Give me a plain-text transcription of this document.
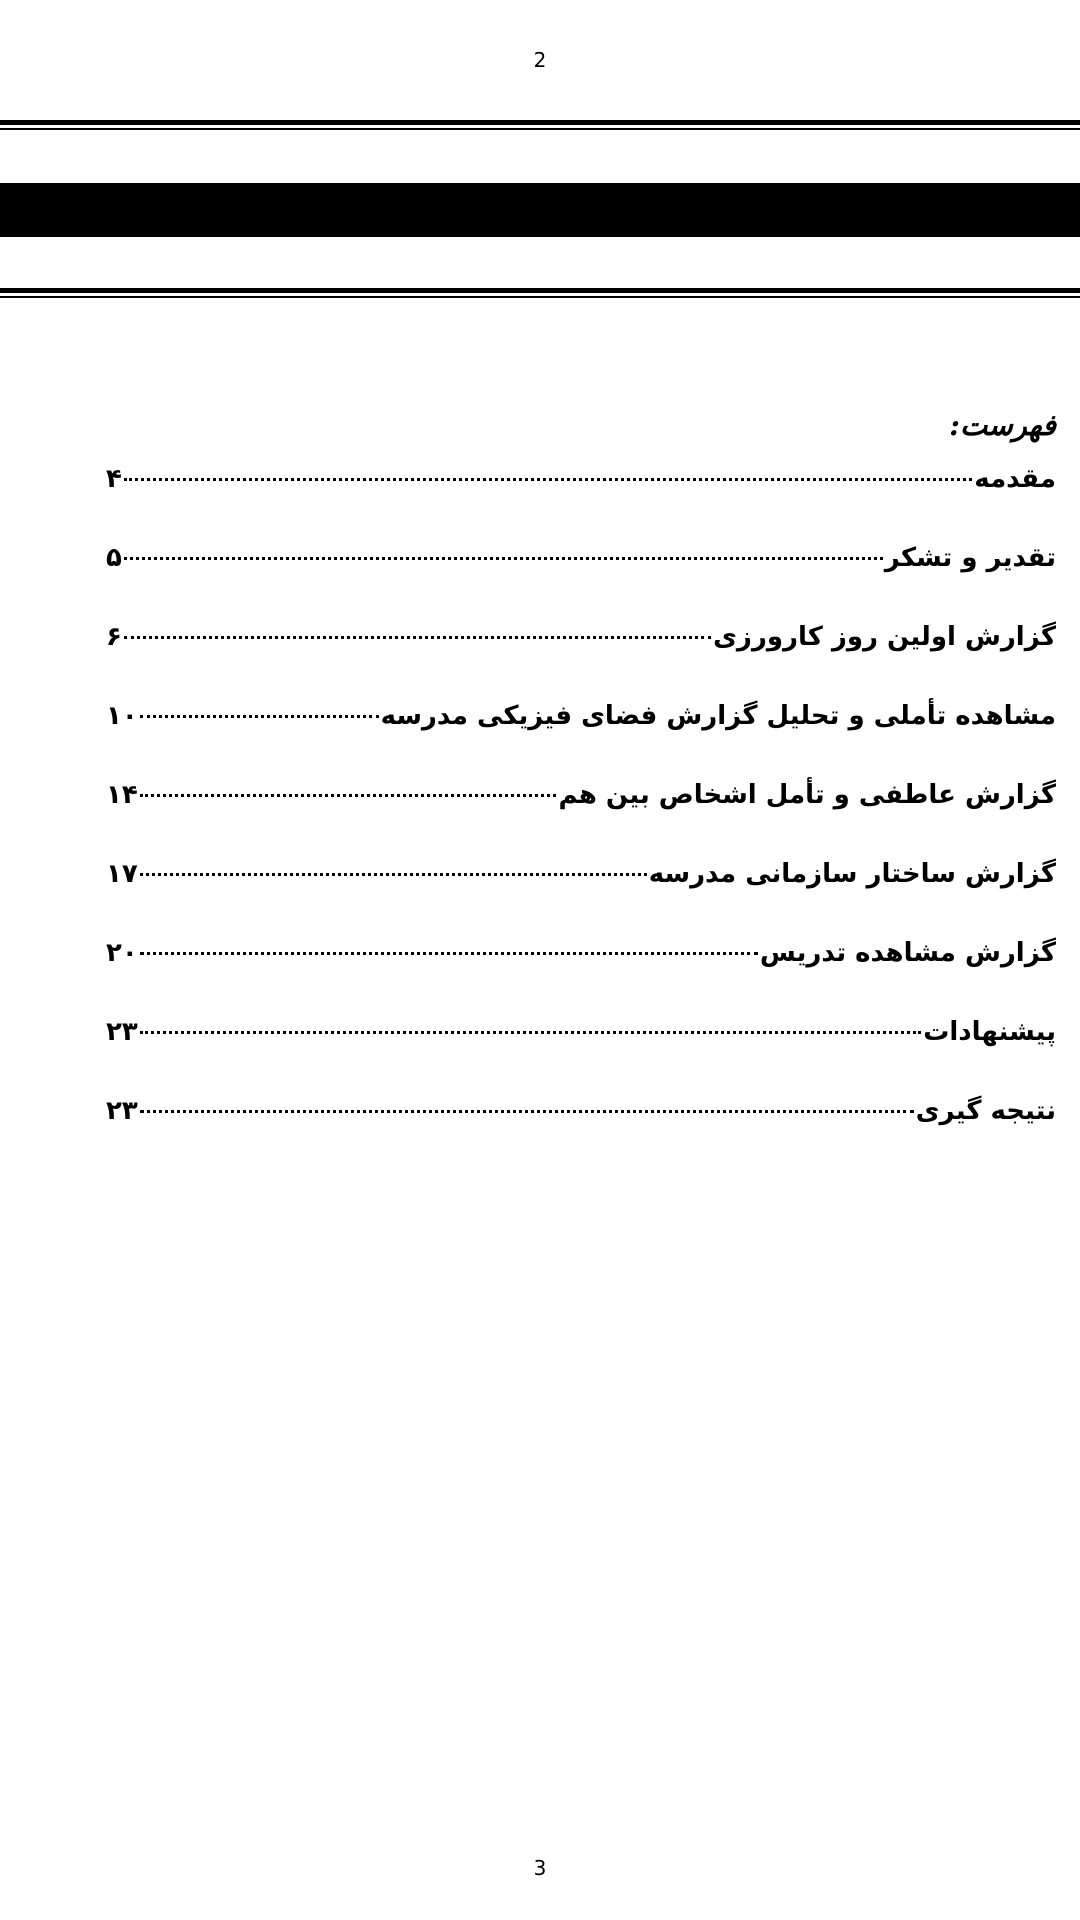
2
فهرست:
مقدمه
۴
تقدیر و تشکر
۵
گزارش اولین روز کارورزی
۶
مشاهده تأملی و تحلیل گزارش فضای فیزیکی مدرسه
۱۰
گزارش عاطفی و تأمل اشخاص بین هم
۱۴
گزارش ساختار سازمانی مدرسه
۱۷
گزارش مشاهده تدریس
۲۰
پیشنهادات
۲۳
نتیجه گیری
۲۳
3
